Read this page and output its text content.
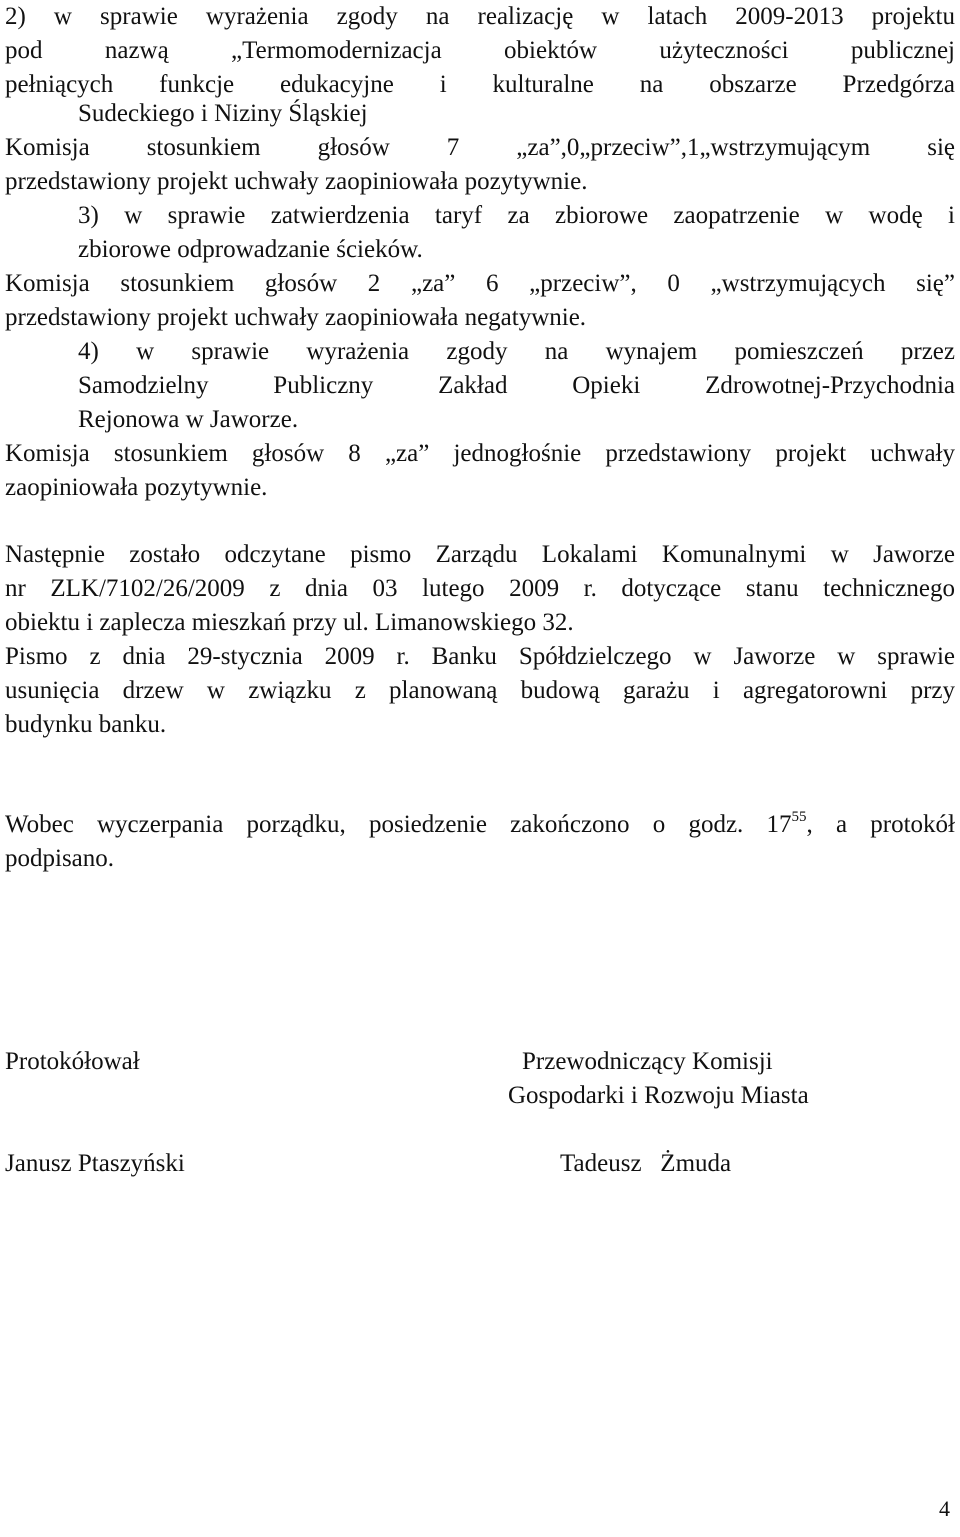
2) w sprawie wyrażenia zgody na realizację w latach 2009-2013 projektu
pod nazwą „Termomodernizacja obiektów użyteczności publicznej
pełniących funkcje edukacyjne i kulturalne na obszarze Przedgórza
Sudeckiego i Niziny Śląskiej
Komisja stosunkiem głosów 7 „za”,0„przeciw”,1„wstrzymującym się
przedstawiony projekt uchwały zaopiniowała pozytywnie.
3) w sprawie zatwierdzenia taryf za zbiorowe zaopatrzenie w wodę i
zbiorowe odprowadzanie ścieków.
Komisja stosunkiem głosów 2 „za” 6 „przeciw”, 0 „wstrzymujących się”
przedstawiony projekt uchwały zaopiniowała negatywnie.
4) w sprawie wyrażenia zgody na wynajem pomieszczeń przez
Samodzielny Publiczny Zakład Opieki Zdrowotnej-Przychodnia
Rejonowa w Jaworze.
Komisja stosunkiem głosów 8 „za” jednogłośnie przedstawiony projekt uchwały
zaopiniowała pozytywnie.
Następnie zostało odczytane pismo Zarządu Lokalami Komunalnymi w Jaworze
nr ZLK/7102/26/2009 z dnia 03 lutego 2009 r. dotyczące stanu technicznego
obiektu i zaplecza mieszkań przy ul. Limanowskiego 32.
Pismo z dnia 29-stycznia 2009 r. Banku Spółdzielczego w Jaworze w sprawie
usunięcia drzew w związku z planowaną budową garażu i agregatorowni przy
budynku banku.
Wobec wyczerpania porządku, posiedzenie zakończono o godz. $17^{55}$, a protokół
podpisano.
Protokółował	Przewodniczący Komisji
Gospodarki i Rozwoju Miasta
Janusz Ptaszyński	Tadeusz   Żmuda
4
